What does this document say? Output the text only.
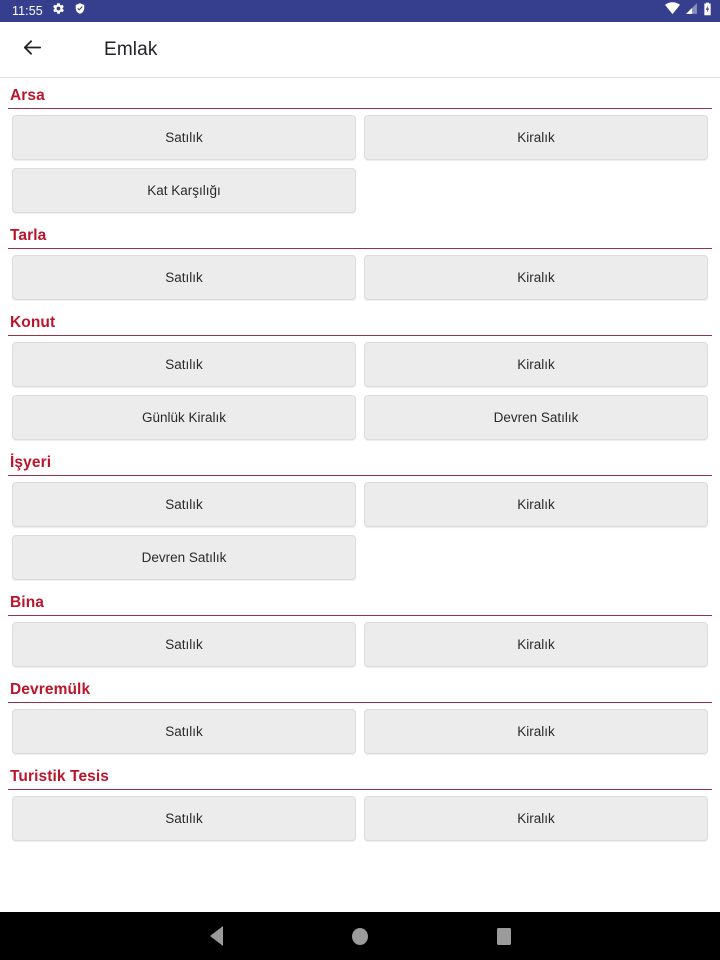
11:55
Emlak
Arsa
Satılık	Kiralık
Kat Karşılığı
Tarla
Satılık	Kiralık
Konut
Satılık	Kiralık
Günlük Kiralık	Devren Satılık
İşyeri
Satılık	Kiralık
Devren Satılık
Bina
Satılık	Kiralık
Devremülk
Satılık	Kiralık
Turistik Tesis
Satılık	Kiralık
